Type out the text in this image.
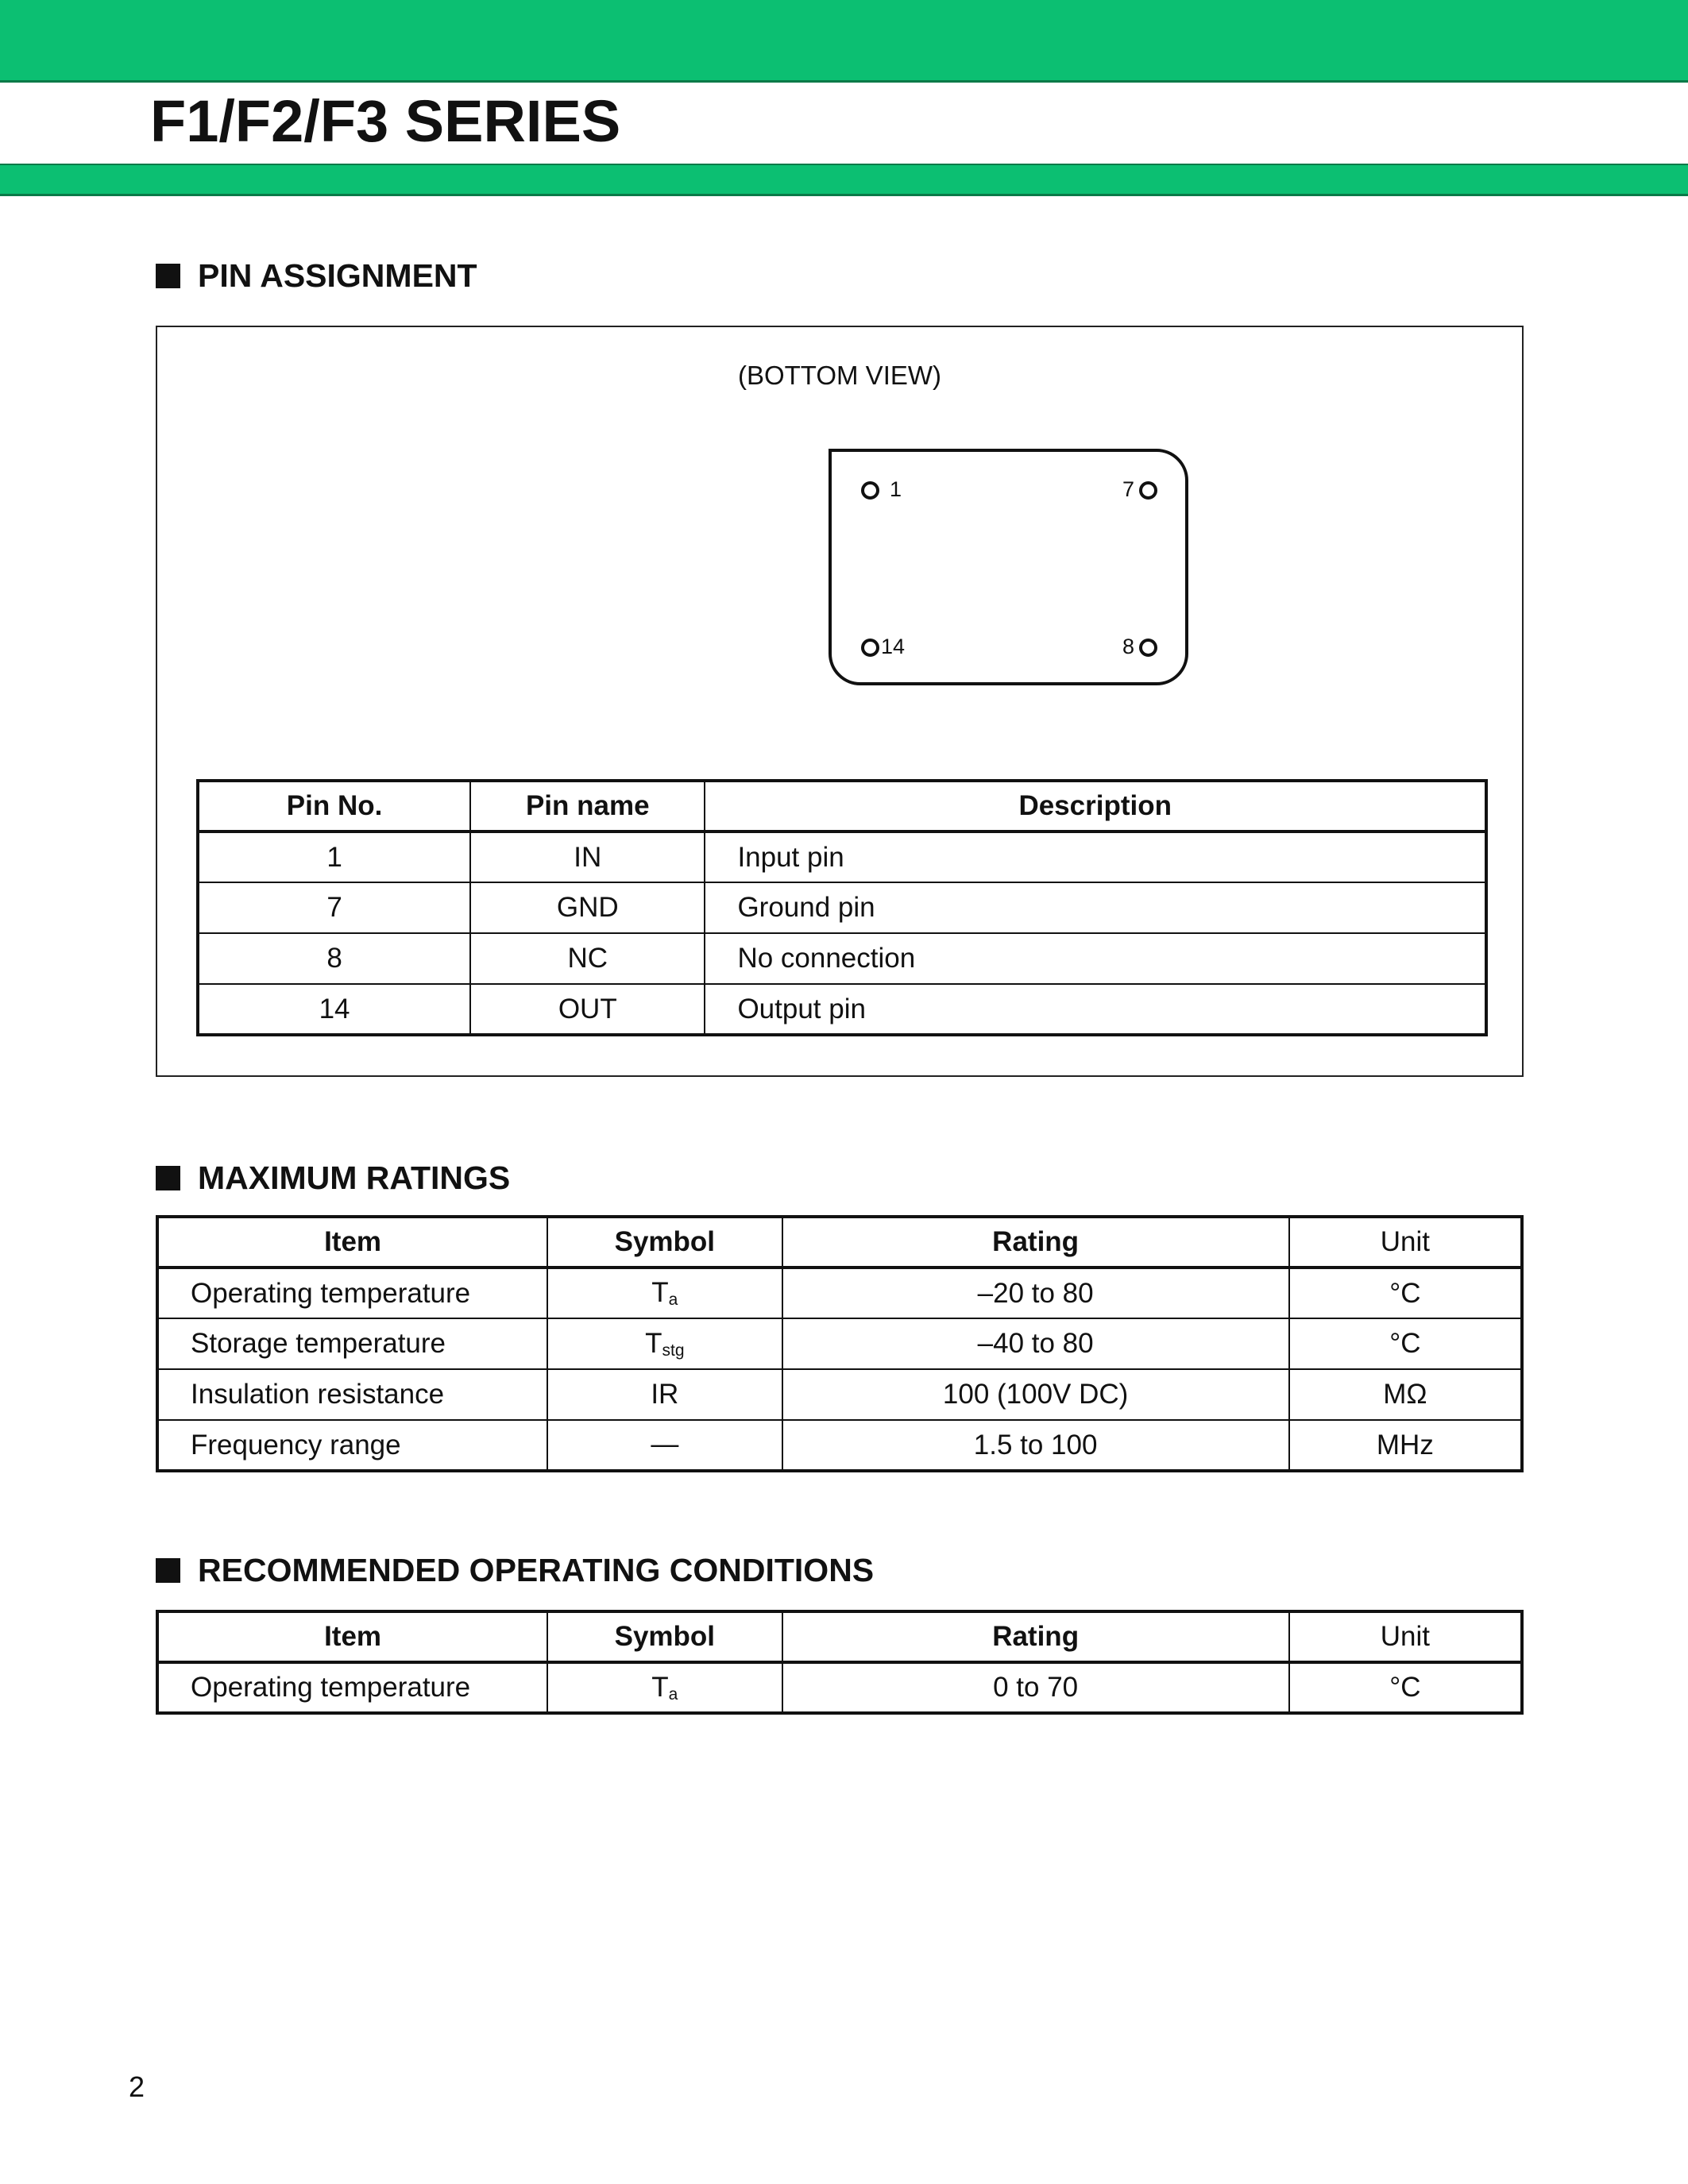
F1/F2/F3 SERIES
PIN ASSIGNMENT
(BOTTOM VIEW)
1	7
14	8
Pin No.	Pin name	Description
1	IN	Input pin
7	GND	Ground pin
8	NC	No connection
14	OUT	Output pin
MAXIMUM RATINGS
Item	Symbol	Rating	Unit
Operating temperature	Ta	–20 to 80	°C
Storage temperature	Tstg	–40 to 80	°C
Insulation resistance	IR	100 (100V DC)	MΩ
Frequency range	—	1.5 to 100	MHz
RECOMMENDED OPERATING CONDITIONS
Item	Symbol	Rating	Unit
Operating temperature	Ta	0 to 70	°C
2
